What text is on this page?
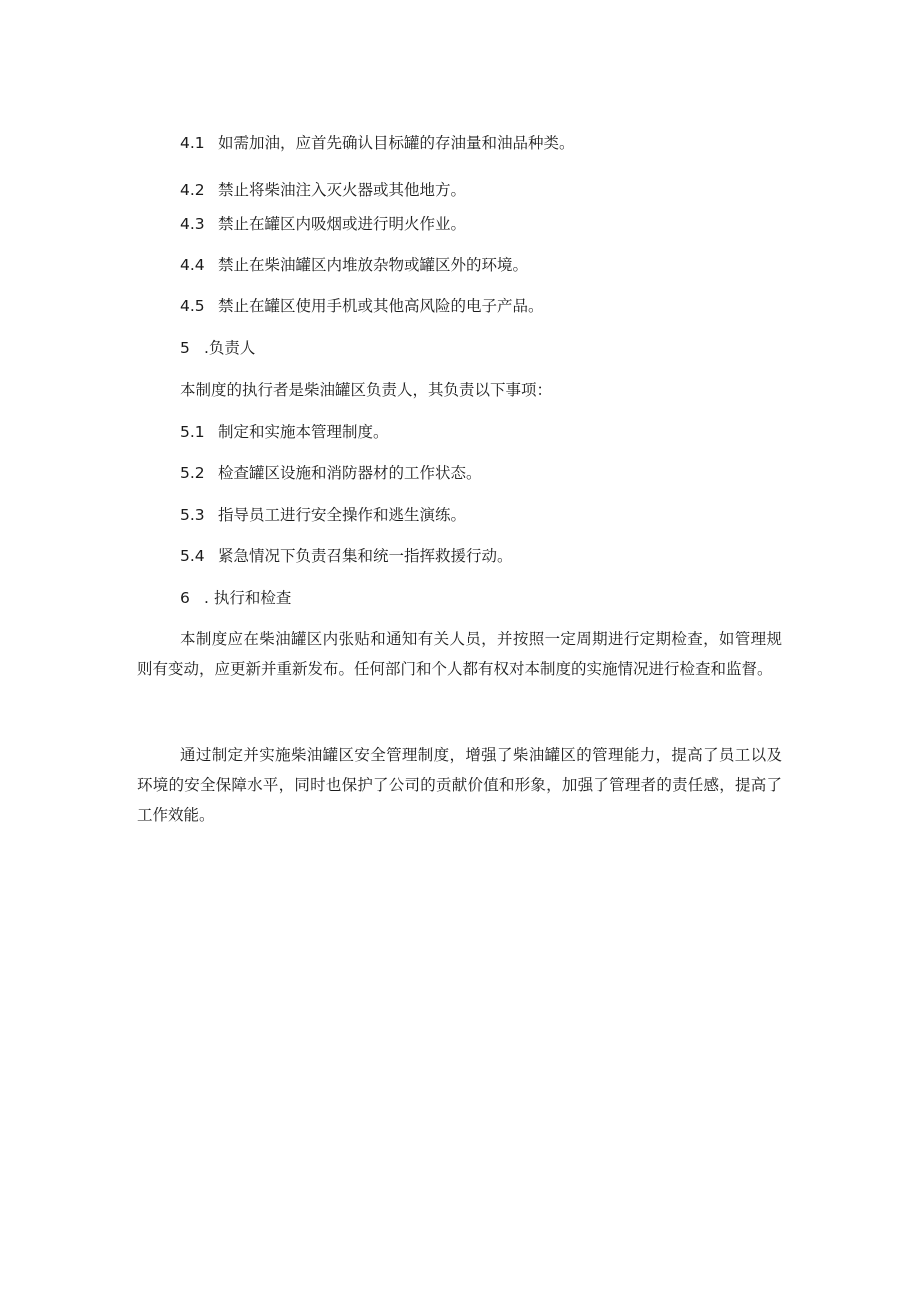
4.1 如需加油，应首先确认目标罐的存油量和油品种类。
4.2 禁止将柴油注入灭火器或其他地方。
4.3 禁止在罐区内吸烟或进行明火作业。
4.4 禁止在柴油罐区内堆放杂物或罐区外的环境。
4.5 禁止在罐区使用手机或其他高风险的电子产品。
5 .负责人
本制度的执行者是柴油罐区负责人，其负责以下事项：
5.1 制定和实施本管理制度。
5.2 检查罐区设施和消防器材的工作状态。
5.3 指导员工进行安全操作和逃生演练。
5.4 紧急情况下负责召集和统一指挥救援行动。
6 . 执行和检查

本制度应在柴油罐区内张贴和通知有关人员，并按照一定周期进行定期检查，如管理规则有变动，应更新并重新发布。任何部门和个人都有权对本制度的实施情况进行检查和监督。

通过制定并实施柴油罐区安全管理制度，增强了柴油罐区的管理能力，提高了员工以及环境的安全保障水平，同时也保护了公司的贡献价值和形象，加强了管理者的责任感，提高了工作效能。
